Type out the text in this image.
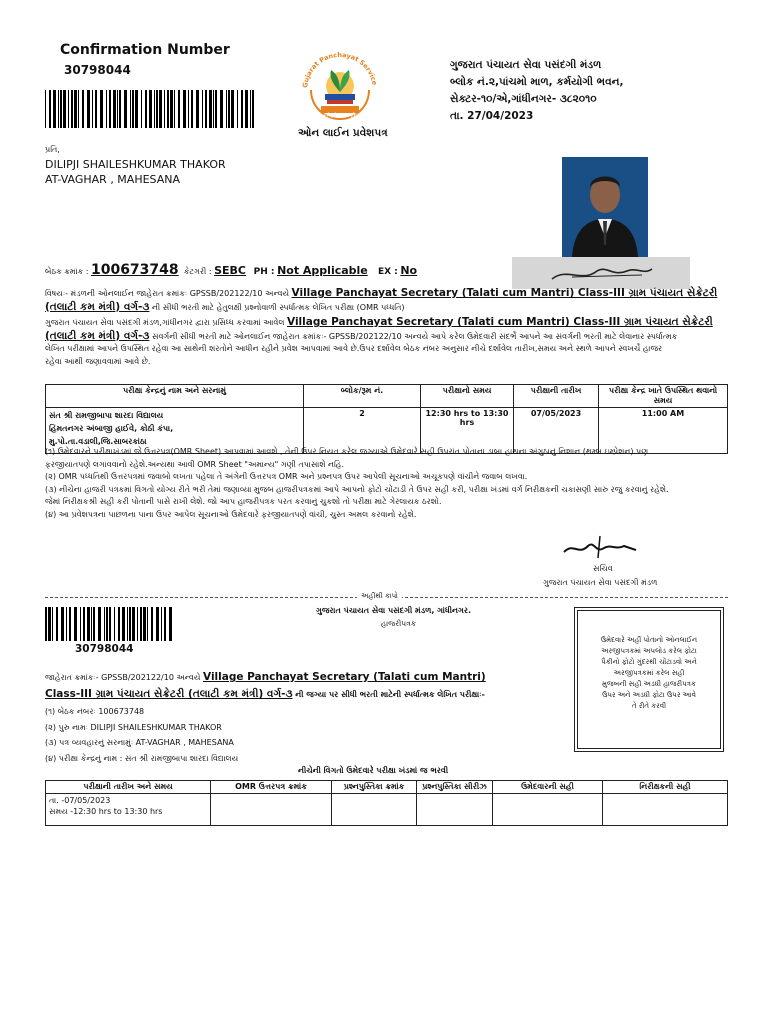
Confirmation Number
30798044
Gujarat Panchayat Service
કર્મણ્યે જ સમૃદ્ધિ
ઓન લાઈન પ્રવેશપત્ર
ગુજરાત પંચાયત સેવા પસંદગી મંડળ
બ્લોક નં.૨,પાંચમો માળ, કર્મયોગી ભવન,
સેક્ટર-૧૦/એ,ગાંધીનગર- ૩૮૨૦૧૦
તા. 27/04/2023
પ્રતિ,
DILIPJI SHAILESHKUMAR THAKOR
AT-VAGHAR , MAHESANA
બેઠક ક્રમાંક : 100673748 કેટગરી : SEBC PH : Not Applicable EX : No
વિષયઃ- મંડળની ઓનલાઈન જાહેરાત ક્રમાંકઃ GPSSB/202122/10 અન્વયે Village Panchayat Secretary (Talati cum Mantri) Class-III ગ્રામ પંચાયત સેક્રેટરી
(તલાટી કમ મંત્રી) વર્ગ-૩ ની સીધી ભરતી માટે હેતુલક્ષી પ્રશ્નોવાળી સ્પર્ધાત્મક લેખિત પરીક્ષા (OMR પધ્ધતિ)
ગુજરાત પંચાયત સેવા પસંદગી મંડળ,ગાંધીનગર દ્વારા પ્રસિધ્ધ કરવામાં આવેલ Village Panchayat Secretary (Talati cum Mantri) Class-III ગ્રામ પંચાયત સેક્રેટરી
(તલાટી કમ મંત્રી) વર્ગ-૩ સંવર્ગની સીધી ભરતી માટે ઓનલાઈન જાહેરાત ક્રમાંકઃ- GPSSB/202122/10 અન્વયે આપે કરેલ ઉમેદવારી સંદર્ભે આપને આ સંવર્ગની ભરતી માટે લેવાનાર સ્પર્ધાત્મક
લેખિત પરીક્ષામાં આપને ઉપસ્થિત રહેવા આ સાથેની શરતોને આધીન રહીને પ્રવેશ આપવામાં આવે છે.ઉપર દર્શાવેલ બેઠક નંબર અનુસાર નીચે દર્શાવેલ તારીખ,સમય અને સ્થળે આપને સ્વખર્ચે હાજર
રહેવા આથી જણાવવામાં આવે છે.
પરીક્ષા કેન્દ્રનું નામ અને સરનામું	બ્લોક/રૂમ નં.	પરીક્ષાનો સમય	પરીક્ષાની તારીખ	પરીક્ષા કેન્દ્ર ખાતે ઉપસ્થિત થવાનો સમય

સંત શ્રી રામજીબાપા શારદા વિદ્યાલય
હિંમતનગર અંબાજી હાઈવે, કોઠી કંપા,
મુ.પો.તા.વડાલી,જિ.સાબરકાંઠા	2	12:30 hrs to 13:30 hrs	07/05/2023	11:00 AM
(૧) ઉમેદવારને પરીક્ષાખંડમાં જે ઉત્તરપત્ર(OMR Sheet) આપવામાં આવશે , તેની ઉપર નિયત કરેલ જગ્યાએ ઉમેદવારે સહી ઉપરાંત પોતાના ડાબા હાથના અંગુઠાનું નિશાન (થમ્બ ઇમ્પ્રેશન) પણ
ફરજીયાતપણે લગાવવાનો રહેશે.અન્યથા આવી OMR Sheet "અમાન્ય" ગણી તપાસાશે નહિ.
(૨) OMR પધ્ધતિથી ઉત્તરપત્રમાં જવાબો લખતા પહેલા તે અંગેની ઉત્તરપત્ર OMR અને પ્રશ્નપત્ર ઉપર આપેલી સૂચનાઓ અચૂકપણે વાંચીને જવાબ લખવા.
(૩) નીચેના હાજરી પત્રકમાં વિગતો યોગ્ય રીતે ભરી તેમાં જણાવ્યા મુજબ હાજરીપત્રકમાં આપે આપનો ફોટો ચોંટાડી તે ઉપર સહી કરી, પરીક્ષા ખંડમાં વર્ગ નિરીક્ષકની ચકાસણી સારુ રજુ કરવાનું રહેશે.
જેમાં નિરીક્ષકશ્રી સહી કરી પોતાની પાસે રાખી લેશે. જો આપ હાજરીપત્રક પરત કરવાનું ચુકશો તો પરીક્ષા માટે ગેરલાયક ઠરશો.
(૪) આ પ્રવેશપત્રના પાછળના પાના ઉપર આપેલ સૂચનાઓ ઉમેદવારે ફરજીયાતપણે વાંચી, ચુસ્ત અમલ કરવાનો રહેશે.
સચિવ
ગુજરાત પંચાયત સેવા પસંદગી મંડળ
અહીંથી કાપો
30798044
ગુજરાત પંચાયત સેવા પસંદગી મંડળ, ગાંધીનગર.
હાજરીપત્રક
જાહેરાત ક્રમાંકઃ- GPSSB/202122/10 અન્વયે Village Panchayat Secretary (Talati cum Mantri)
Class-III ગ્રામ પંચાયત સેક્રેટરી (તલાટી કમ મંત્રી) વર્ગ-૩ ની જગ્યા પર સીધી ભરતી માટેની સ્પર્ધાત્મક લેખિત પરીક્ષાઃ-
ઉમેદવારે અહીં પોતાનો ઓનલાઈન
અરજીપત્રકમાં અપલોડ કરેલ ફોટા
પૈકીનો ફોટો ગુંદરથી ચોંટાડવો અને
અરજીપત્રકમાં કરેલ સહી
મુજબની સહી અડધી હાજરીપત્રક
ઉપર અને અડધી ફોટા ઉપર આવે
તે રીતે કરવી
(૧) બેઠક નંબરઃ 100673748
(૨) પુરુ નામઃ DILIPJI SHAILESHKUMAR THAKOR
(૩) પત્ર વ્યવહારનું સરનામુંઃ AT-VAGHAR , MAHESANA
(૪) પરીક્ષા કેન્દ્રનું નામ : સંત શ્રી રામજીબાપા શારદા વિદ્યાલય
નીચેની વિગતો ઉમેદવારે પરીક્ષા ખંડમાં જ ભરવી
પરીક્ષાની તારીખ અને સમય	OMR ઉત્તરપત્ર ક્રમાંક	પ્રશ્નપુસ્તિકા ક્રમાંક	પ્રશ્નપુસ્તિકા સીરીઝ	ઉમેદવારની સહી	નિરીક્ષકની સહી

તા. -07/05/2023
સમય -12:30 hrs to 13:30 hrs					
